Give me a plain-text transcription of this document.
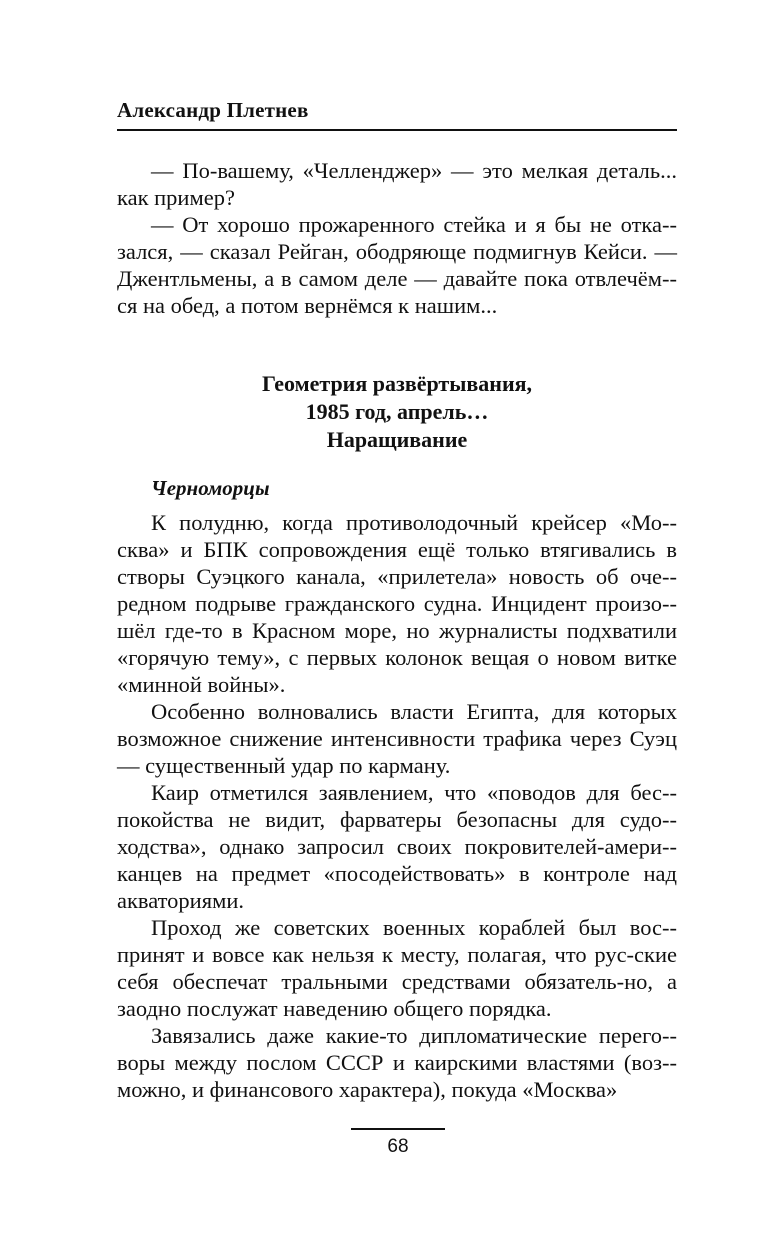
Александр Плетнев

— По-вашему, «Челленджер» — это мелкая деталь... как пример?

— От хорошо прожаренного стейка и я бы не отка-зался, — сказал Рейган, ободряюще подмигнув Кейси. — Джентльмены, а в самом деле — давайте пока отвлечём-ся на обед, а потом вернёмся к нашим...

Геометрия развёртывания,
1985 год, апрель…
Наращивание
Черноморцы

К полудню, когда противолодочный крейсер «Мо-сква» и БПК сопровождения ещё только втягивались в створы Суэцкого канала, «прилетела» новость об оче-редном подрыве гражданского судна. Инцидент произо-шёл где-то в Красном море, но журналисты подхватили «горячую тему», с первых колонок вещая о новом витке «минной войны».

Особенно волновались власти Египта, для которых возможное снижение интенсивности трафика через Суэц — существенный удар по карману.

Каир отметился заявлением, что «поводов для бес-покойства не видит, фарватеры безопасны для судо-ходства», однако запросил своих покровителей-амери-канцев на предмет «посодействовать» в контроле над акваториями.

Проход же советских военных кораблей был вос-принят и вовсе как нельзя к месту, полагая, что рус-ские себя обеспечат тральными средствами обязатель-но, а заодно послужат наведению общего порядка.

Завязались даже какие-то дипломатические перего-воры между послом СССР и каирскими властями (воз-можно, и финансового характера), покуда «Москва»

68
